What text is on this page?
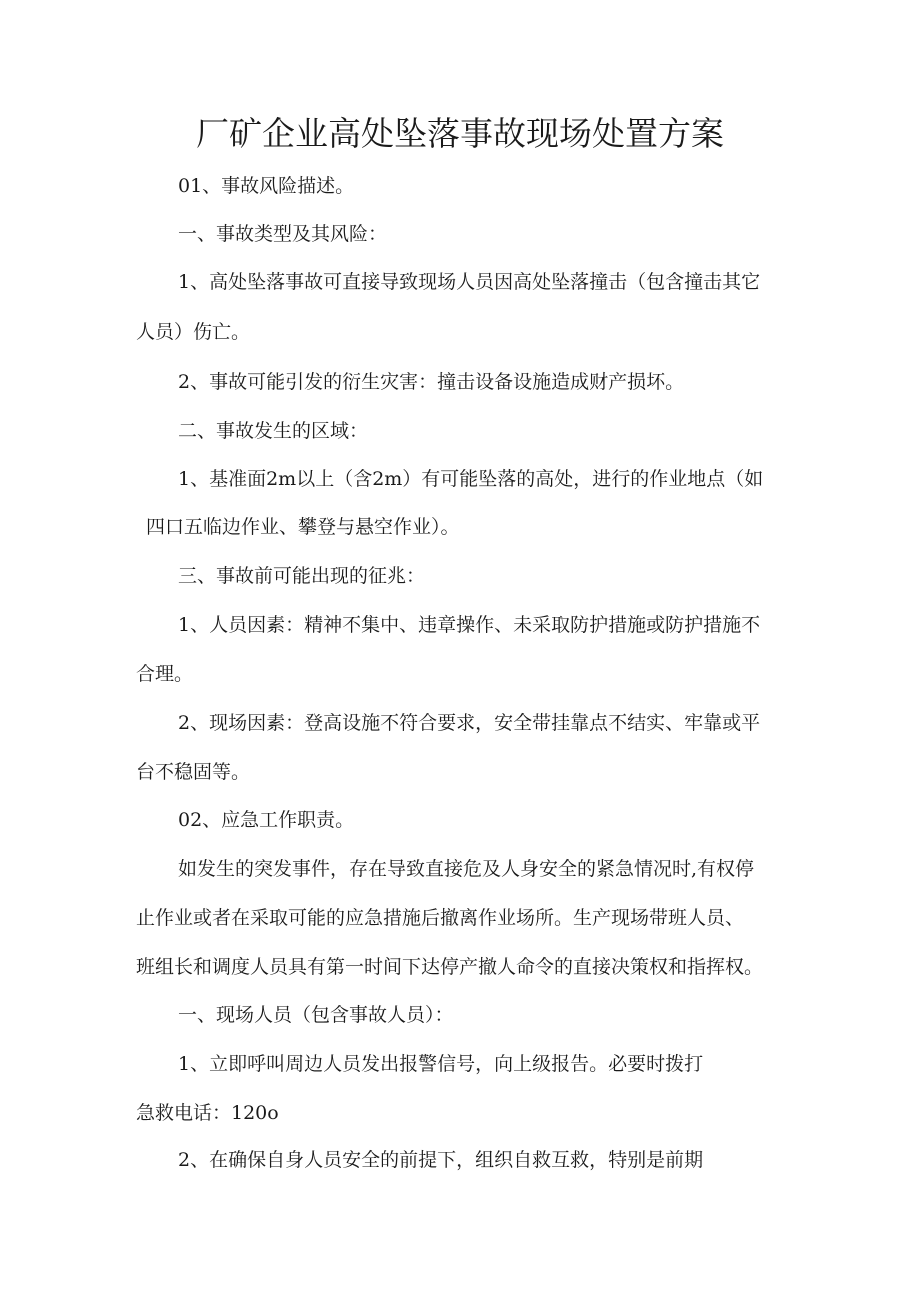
厂矿企业高处坠落事故现场处置方案
01、事故风险描述。
一、事故类型及其风险：
1、高处坠落事故可直接导致现场人员因高处坠落撞击（包含撞击其它
人员）伤亡。
2、事故可能引发的衍生灾害：撞击设备设施造成财产损坏。
二、事故发生的区域：
1、基准面2m以上（含2m）有可能坠落的高处，进行的作业地点（如
四口五临边作业、攀登与悬空作业）。
三、事故前可能出现的征兆：
1、人员因素：精神不集中、违章操作、未采取防护措施或防护措施不
合理。
2、现场因素：登高设施不符合要求，安全带挂靠点不结实、牢靠或平
台不稳固等。
02、应急工作职责。
如发生的突发事件，存在导致直接危及人身安全的紧急情况时,有权停
止作业或者在采取可能的应急措施后撤离作业场所。生产现场带班人员、
班组长和调度人员具有第一时间下达停产撤人命令的直接决策权和指挥权。
一、现场人员（包含事故人员）：
1、立即呼叫周边人员发出报警信号，向上级报告。必要时拨打
急救电话：120o
2、在确保自身人员安全的前提下，组织自救互救，特别是前期
